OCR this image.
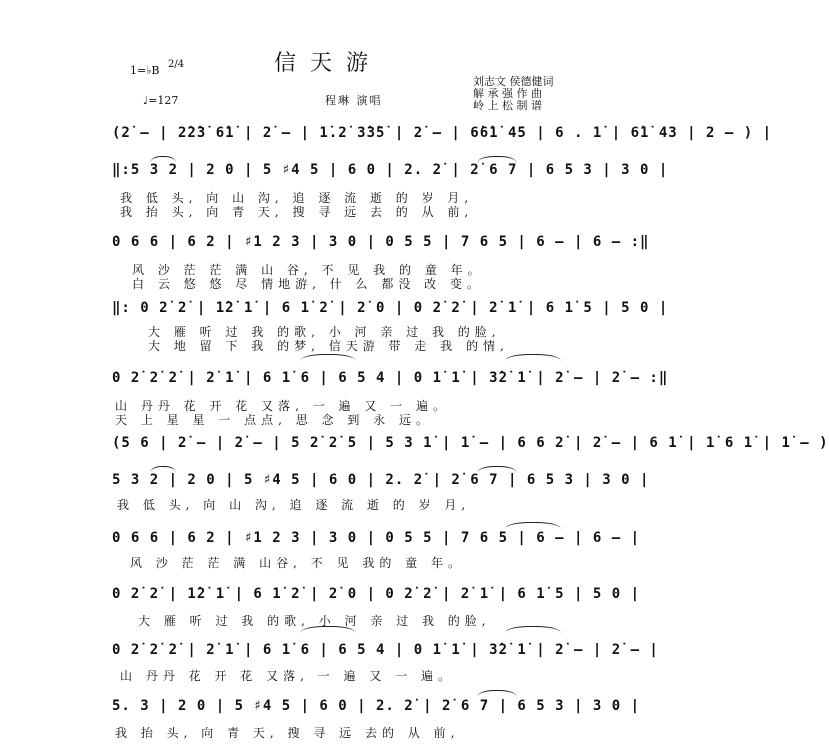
1=♭B 2/4	信天游
♩=127	程琳 演唱
刘志文 侯德健词
解 承 强 作 曲
岭 上 松 制 谱
(2̇ – | 2̇2̇3̇ 6̇1̇ | 2̇ – | 1̇.2̇ 3̇3̇5̇ | 2̇ – | 6̇6̇1̇ 45 | 6 . 1̇ | 6̇1̇ 43 | 2 – ) |
‖:5 3 2 | 2 0 | 5 ♯4 5 | 6 0 | 2. 2̇ | 2̇ 6 7 | 6 5 3 | 3 0 |
我 低 头, 向 山 沟, 追 逐 流 逝 的 岁 月,
我 抬 头, 向 青 天, 搜 寻 远 去 的 从 前,
0 6 6 | 6 2 | ♯1 2 3 | 3 0 | 0 5 5 | 7 6 5 | 6 – | 6 – :‖
风 沙 茫 茫 满 山 谷, 不 见 我 的 童 年。
白 云 悠 悠 尽 情地游, 什 么 都没 改 变。
‖: 0 2̇ 2̇ | 1̇2̇ 1̇ | 6 1̇ 2̇ | 2̇ 0 | 0 2̇ 2̇ | 2̇ 1̇ | 6 1̇ 5 | 5 0 |
大 雁 听 过 我 的歌, 小 河 亲 过 我 的脸,
大 地 留 下 我 的梦, 信天游 带 走 我 的情,
0 2̇ 2̇ 2̇ | 2̇ 1̇ | 6 1̇ 6 | 6 5 4 | 0 1̇ 1̇ | 3̇2̇ 1̇ | 2̇ – | 2̇ – :‖
山 丹丹 花 开 花 又落, 一 遍 又 一 遍。
天 上 星 星 一 点点, 思 念 到 永 远。
(5 6 | 2̇ – | 2̇ – | 5 2̇ 2̇ 5 | 5 3 1̇ | 1̇ – | 6 6 2̇ | 2̇ – | 6 1̇ | 1̇ 6 1̇ | 1̇ – )
5 3 2 | 2 0 | 5 ♯4 5 | 6 0 | 2. 2̇ | 2̇ 6 7 | 6 5 3 | 3 0 |
我 低 头, 向 山 沟, 追 逐 流 逝 的 岁 月,
0 6 6 | 6 2 | ♯1 2 3 | 3 0 | 0 5 5 | 7 6 5 | 6 – | 6 – |
风 沙 茫 茫 满 山谷, 不 见 我的 童 年。
0 2̇ 2̇ | 1̇2̇ 1̇ | 6 1̇ 2̇ | 2̇ 0 | 0 2̇ 2̇ | 2̇ 1̇ | 6 1̇ 5 | 5 0 |
大 雁 听 过 我 的歌, 小 河 亲 过 我 的脸,
0 2̇ 2̇ 2̇ | 2̇ 1̇ | 6 1̇ 6 | 6 5 4 | 0 1̇ 1̇ | 3̇2̇ 1̇ | 2̇ – | 2̇ – |
山 丹丹 花 开 花 又落, 一 遍 又 一 遍。
5. 3 | 2 0 | 5 ♯4 5 | 6 0 | 2. 2̇ | 2̇ 6 7 | 6 5 3 | 3 0 |
我 抬 头, 向 青 天, 搜 寻 远 去的 从 前,
